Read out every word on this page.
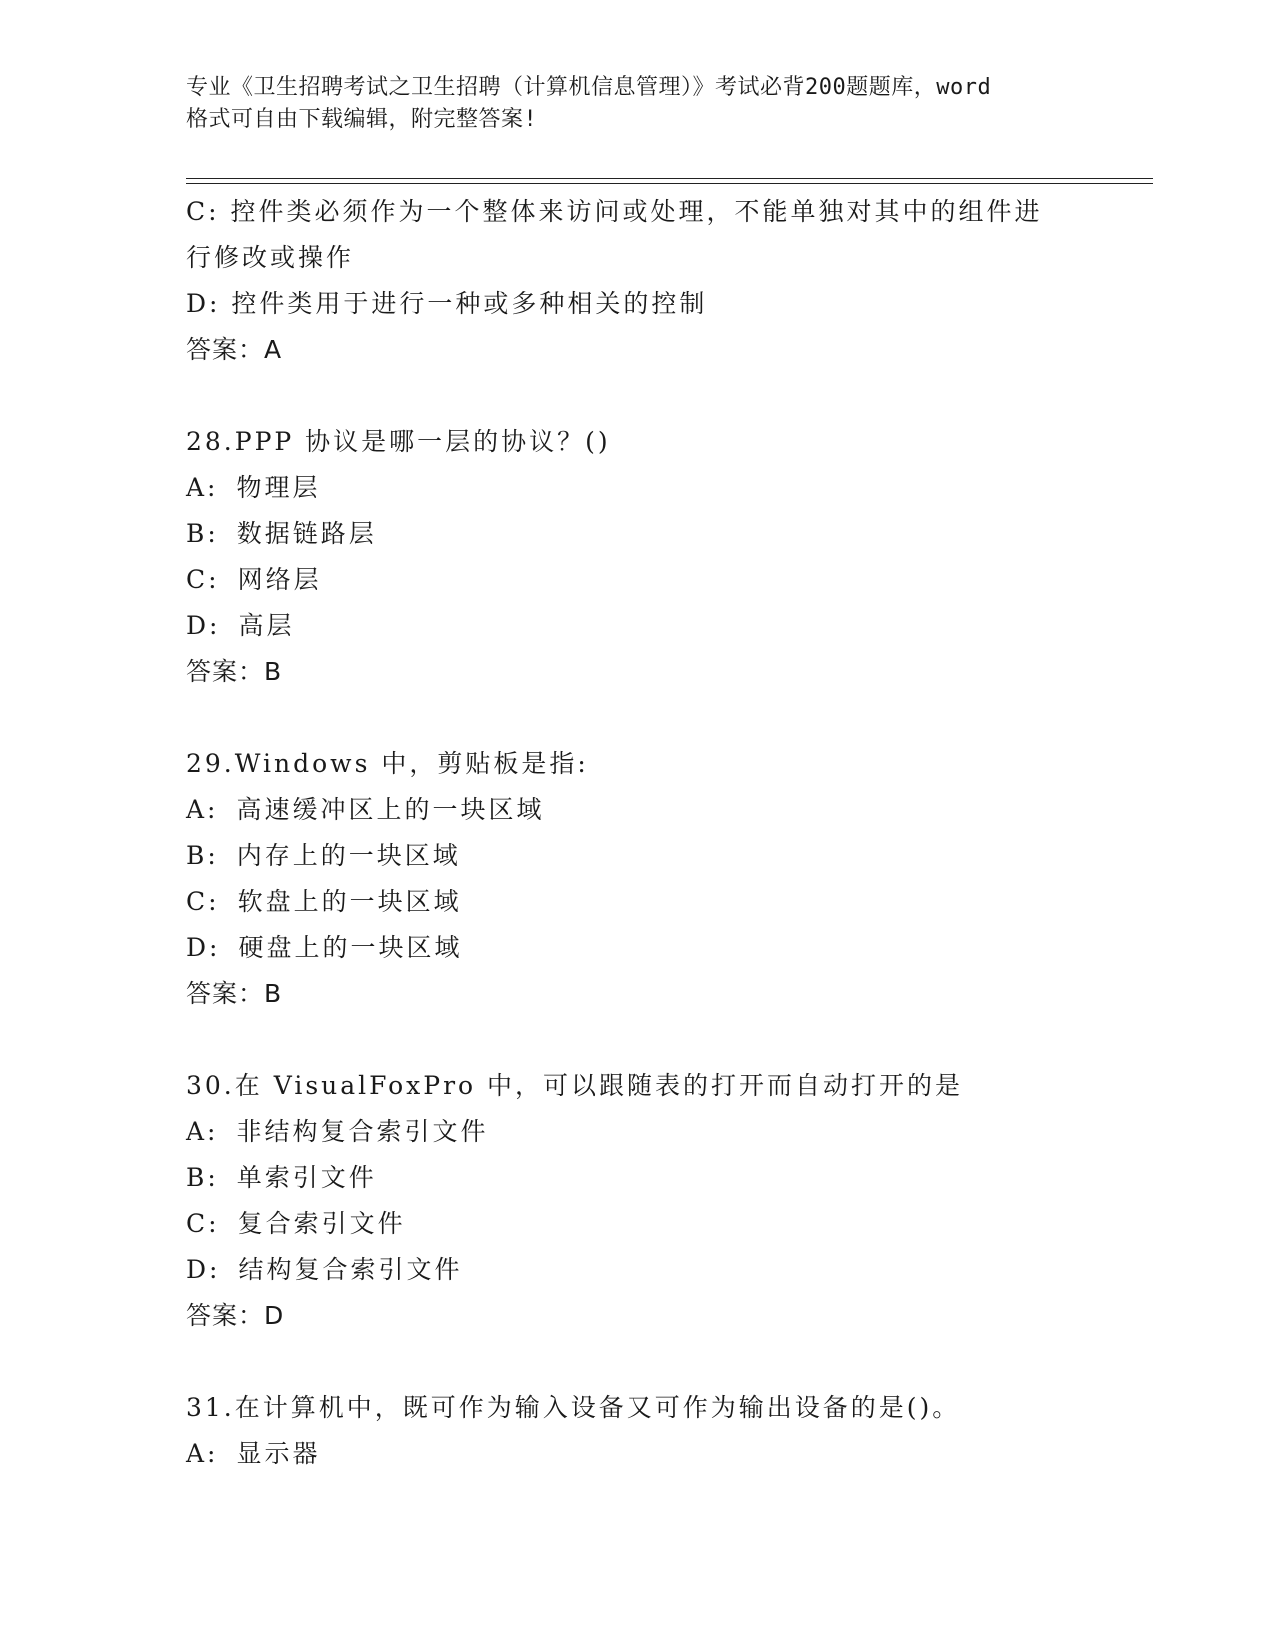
专业《卫生招聘考试之卫生招聘（计算机信息管理）》考试必背200题题库，word
格式可自由下载编辑，附完整答案!
C: 控件类必须作为一个整体来访问或处理，不能单独对其中的组件进
行修改或操作
D: 控件类用于进行一种或多种相关的控制
答案：A
28.PPP 协议是哪一层的协议？()
A: 物理层
B: 数据链路层
C: 网络层
D: 高层
答案：B
29.Windows 中，剪贴板是指:
A: 高速缓冲区上的一块区域
B: 内存上的一块区域
C: 软盘上的一块区域
D: 硬盘上的一块区域
答案：B
30.在 VisualFoxPro 中，可以跟随表的打开而自动打开的是
A: 非结构复合索引文件
B: 单索引文件
C: 复合索引文件
D: 结构复合索引文件
答案：D
31.在计算机中，既可作为输入设备又可作为输出设备的是()。
A: 显示器
